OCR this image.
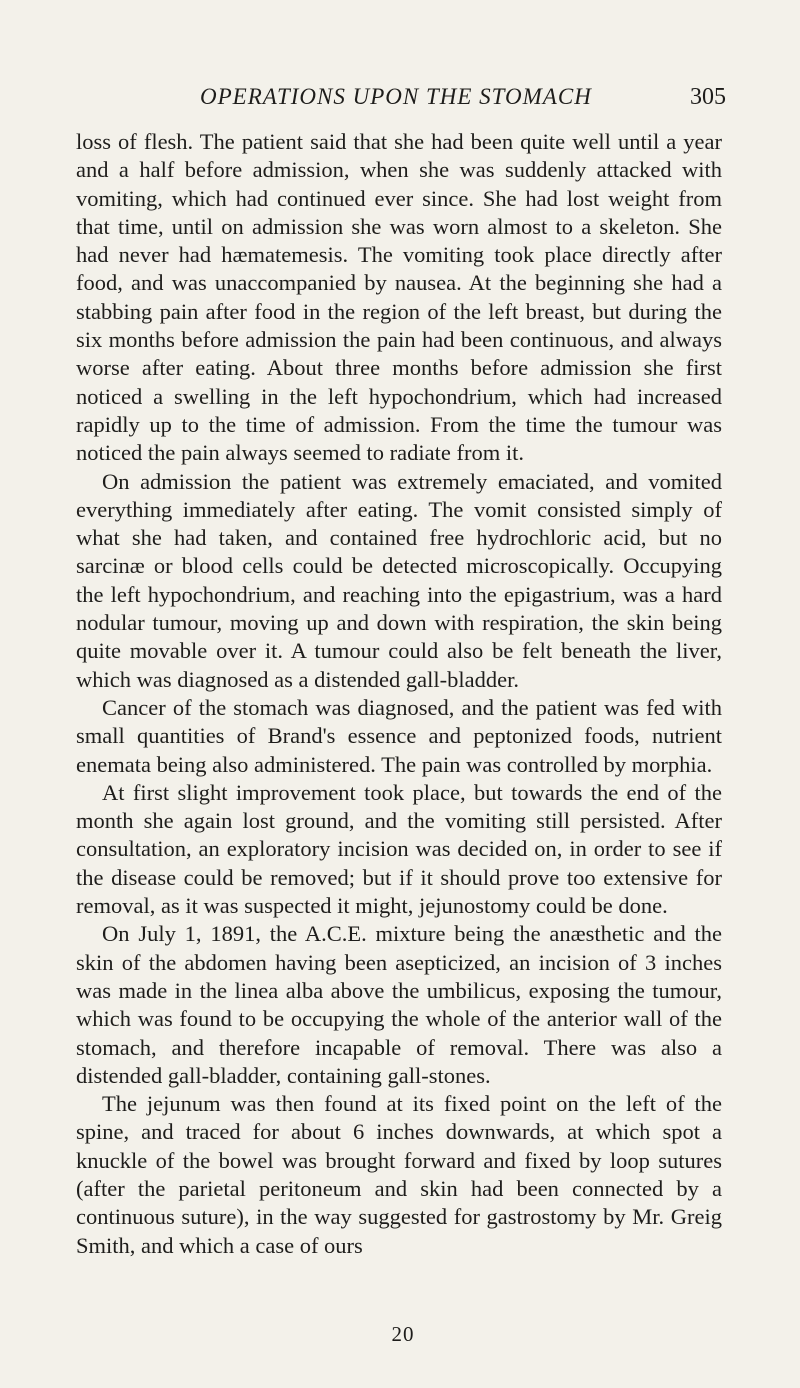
OPERATIONS UPON THE STOMACH	305

loss of flesh. The patient said that she had been quite well until a year and a half before admission, when she was suddenly attacked with vomiting, which had continued ever since. She had lost weight from that time, until on admission she was worn almost to a skeleton. She had never had hæmatemesis. The vomiting took place directly after food, and was unaccompanied by nausea. At the beginning she had a stabbing pain after food in the region of the left breast, but during the six months before admission the pain had been continuous, and always worse after eating. About three months before admission she first noticed a swelling in the left hypochondrium, which had increased rapidly up to the time of admission. From the time the tumour was noticed the pain always seemed to radiate from it.

On admission the patient was extremely emaciated, and vomited everything immediately after eating. The vomit consisted simply of what she had taken, and contained free hydrochloric acid, but no sarcinæ or blood cells could be detected microscopically. Occupying the left hypochondrium, and reaching into the epigastrium, was a hard nodular tumour, moving up and down with respiration, the skin being quite movable over it. A tumour could also be felt beneath the liver, which was diagnosed as a distended gall-bladder.

Cancer of the stomach was diagnosed, and the patient was fed with small quantities of Brand's essence and peptonized foods, nutrient enemata being also administered. The pain was controlled by morphia.

At first slight improvement took place, but towards the end of the month she again lost ground, and the vomiting still persisted. After consultation, an exploratory incision was decided on, in order to see if the disease could be removed; but if it should prove too extensive for removal, as it was suspected it might, jejunostomy could be done.

On July 1, 1891, the A.C.E. mixture being the anæsthetic and the skin of the abdomen having been asepticized, an incision of 3 inches was made in the linea alba above the umbilicus, exposing the tumour, which was found to be occupying the whole of the anterior wall of the stomach, and therefore incapable of removal. There was also a distended gall-bladder, containing gall-stones.

The jejunum was then found at its fixed point on the left of the spine, and traced for about 6 inches downwards, at which spot a knuckle of the bowel was brought forward and fixed by loop sutures (after the parietal peritoneum and skin had been connected by a continuous suture), in the way suggested for gastrostomy by Mr. Greig Smith, and which a case of ours

20
